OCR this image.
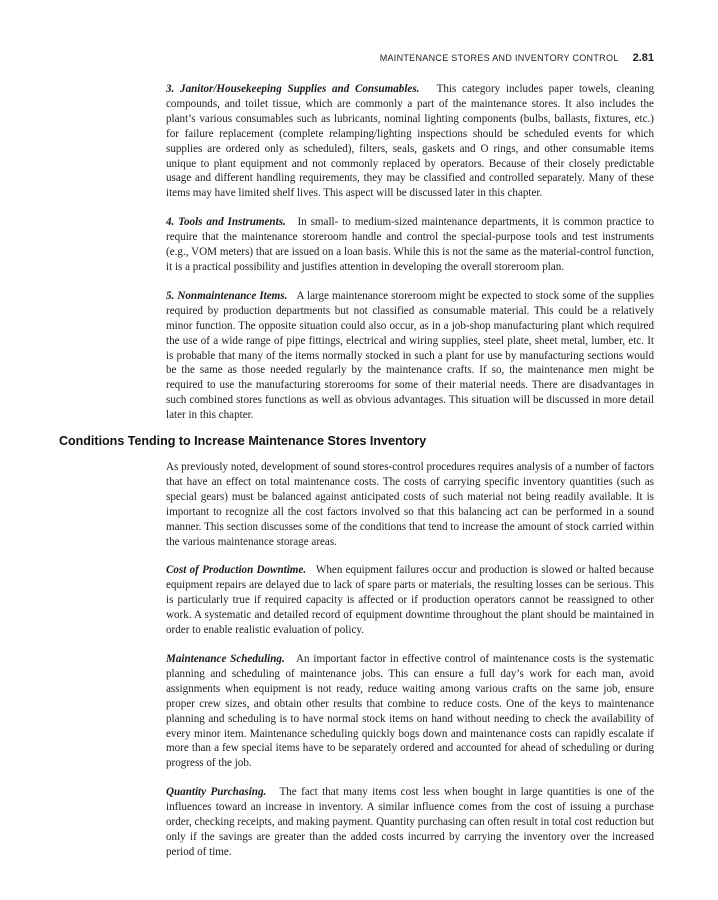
MAINTENANCE STORES AND INVENTORY CONTROL 2.81

3. Janitor/Housekeeping Supplies and Consumables. This category includes paper towels, cleaning compounds, and toilet tissue, which are commonly a part of the maintenance stores. It also includes the plant’s various consumables such as lubricants, nominal lighting components (bulbs, ballasts, fixtures, etc.) for failure replacement (complete relamping/lighting inspections should be scheduled events for which supplies are ordered only as scheduled), filters, seals, gaskets and O rings, and other consumable items unique to plant equipment and not commonly replaced by operators. Because of their closely predictable usage and different handling requirements, they may be classified and controlled separately. Many of these items may have limited shelf lives. This aspect will be discussed later in this chapter.

4. Tools and Instruments. In small- to medium-sized maintenance departments, it is common practice to require that the maintenance storeroom handle and control the special-purpose tools and test instruments (e.g., VOM meters) that are issued on a loan basis. While this is not the same as the material-control function, it is a practical possibility and justifies attention in developing the overall storeroom plan.

5. Nonmaintenance Items. A large maintenance storeroom might be expected to stock some of the supplies required by production departments but not classified as consumable material. This could be a relatively minor function. The opposite situation could also occur, as in a job-shop manufacturing plant which required the use of a wide range of pipe fittings, electrical and wiring supplies, steel plate, sheet metal, lumber, etc. It is probable that many of the items normally stocked in such a plant for use by manufacturing sections would be the same as those needed regularly by the maintenance crafts. If so, the maintenance men might be required to use the manufacturing storerooms for some of their material needs. There are disadvantages in such combined stores functions as well as obvious advantages. This situation will be discussed in more detail later in this chapter.

Conditions Tending to Increase Maintenance Stores Inventory

As previously noted, development of sound stores-control procedures requires analysis of a number of factors that have an effect on total maintenance costs. The costs of carrying specific inventory quantities (such as special gears) must be balanced against anticipated costs of such material not being readily available. It is important to recognize all the cost factors involved so that this balancing act can be performed in a sound manner. This section discusses some of the conditions that tend to increase the amount of stock carried within the various maintenance storage areas.

Cost of Production Downtime. When equipment failures occur and production is slowed or halted because equipment repairs are delayed due to lack of spare parts or materials, the resulting losses can be serious. This is particularly true if required capacity is affected or if production operators cannot be reassigned to other work. A systematic and detailed record of equipment downtime throughout the plant should be maintained in order to enable realistic evaluation of policy.

Maintenance Scheduling. An important factor in effective control of maintenance costs is the systematic planning and scheduling of maintenance jobs. This can ensure a full day’s work for each man, avoid assignments when equipment is not ready, reduce waiting among various crafts on the same job, ensure proper crew sizes, and obtain other results that combine to reduce costs. One of the keys to maintenance planning and scheduling is to have normal stock items on hand without needing to check the availability of every minor item. Maintenance scheduling quickly bogs down and maintenance costs can rapidly escalate if more than a few special items have to be separately ordered and accounted for ahead of scheduling or during progress of the job.

Quantity Purchasing. The fact that many items cost less when bought in large quantities is one of the influences toward an increase in inventory. A similar influence comes from the cost of issuing a purchase order, checking receipts, and making payment. Quantity purchasing can often result in total cost reduction but only if the savings are greater than the added costs incurred by carrying the inventory over the increased period of time.
